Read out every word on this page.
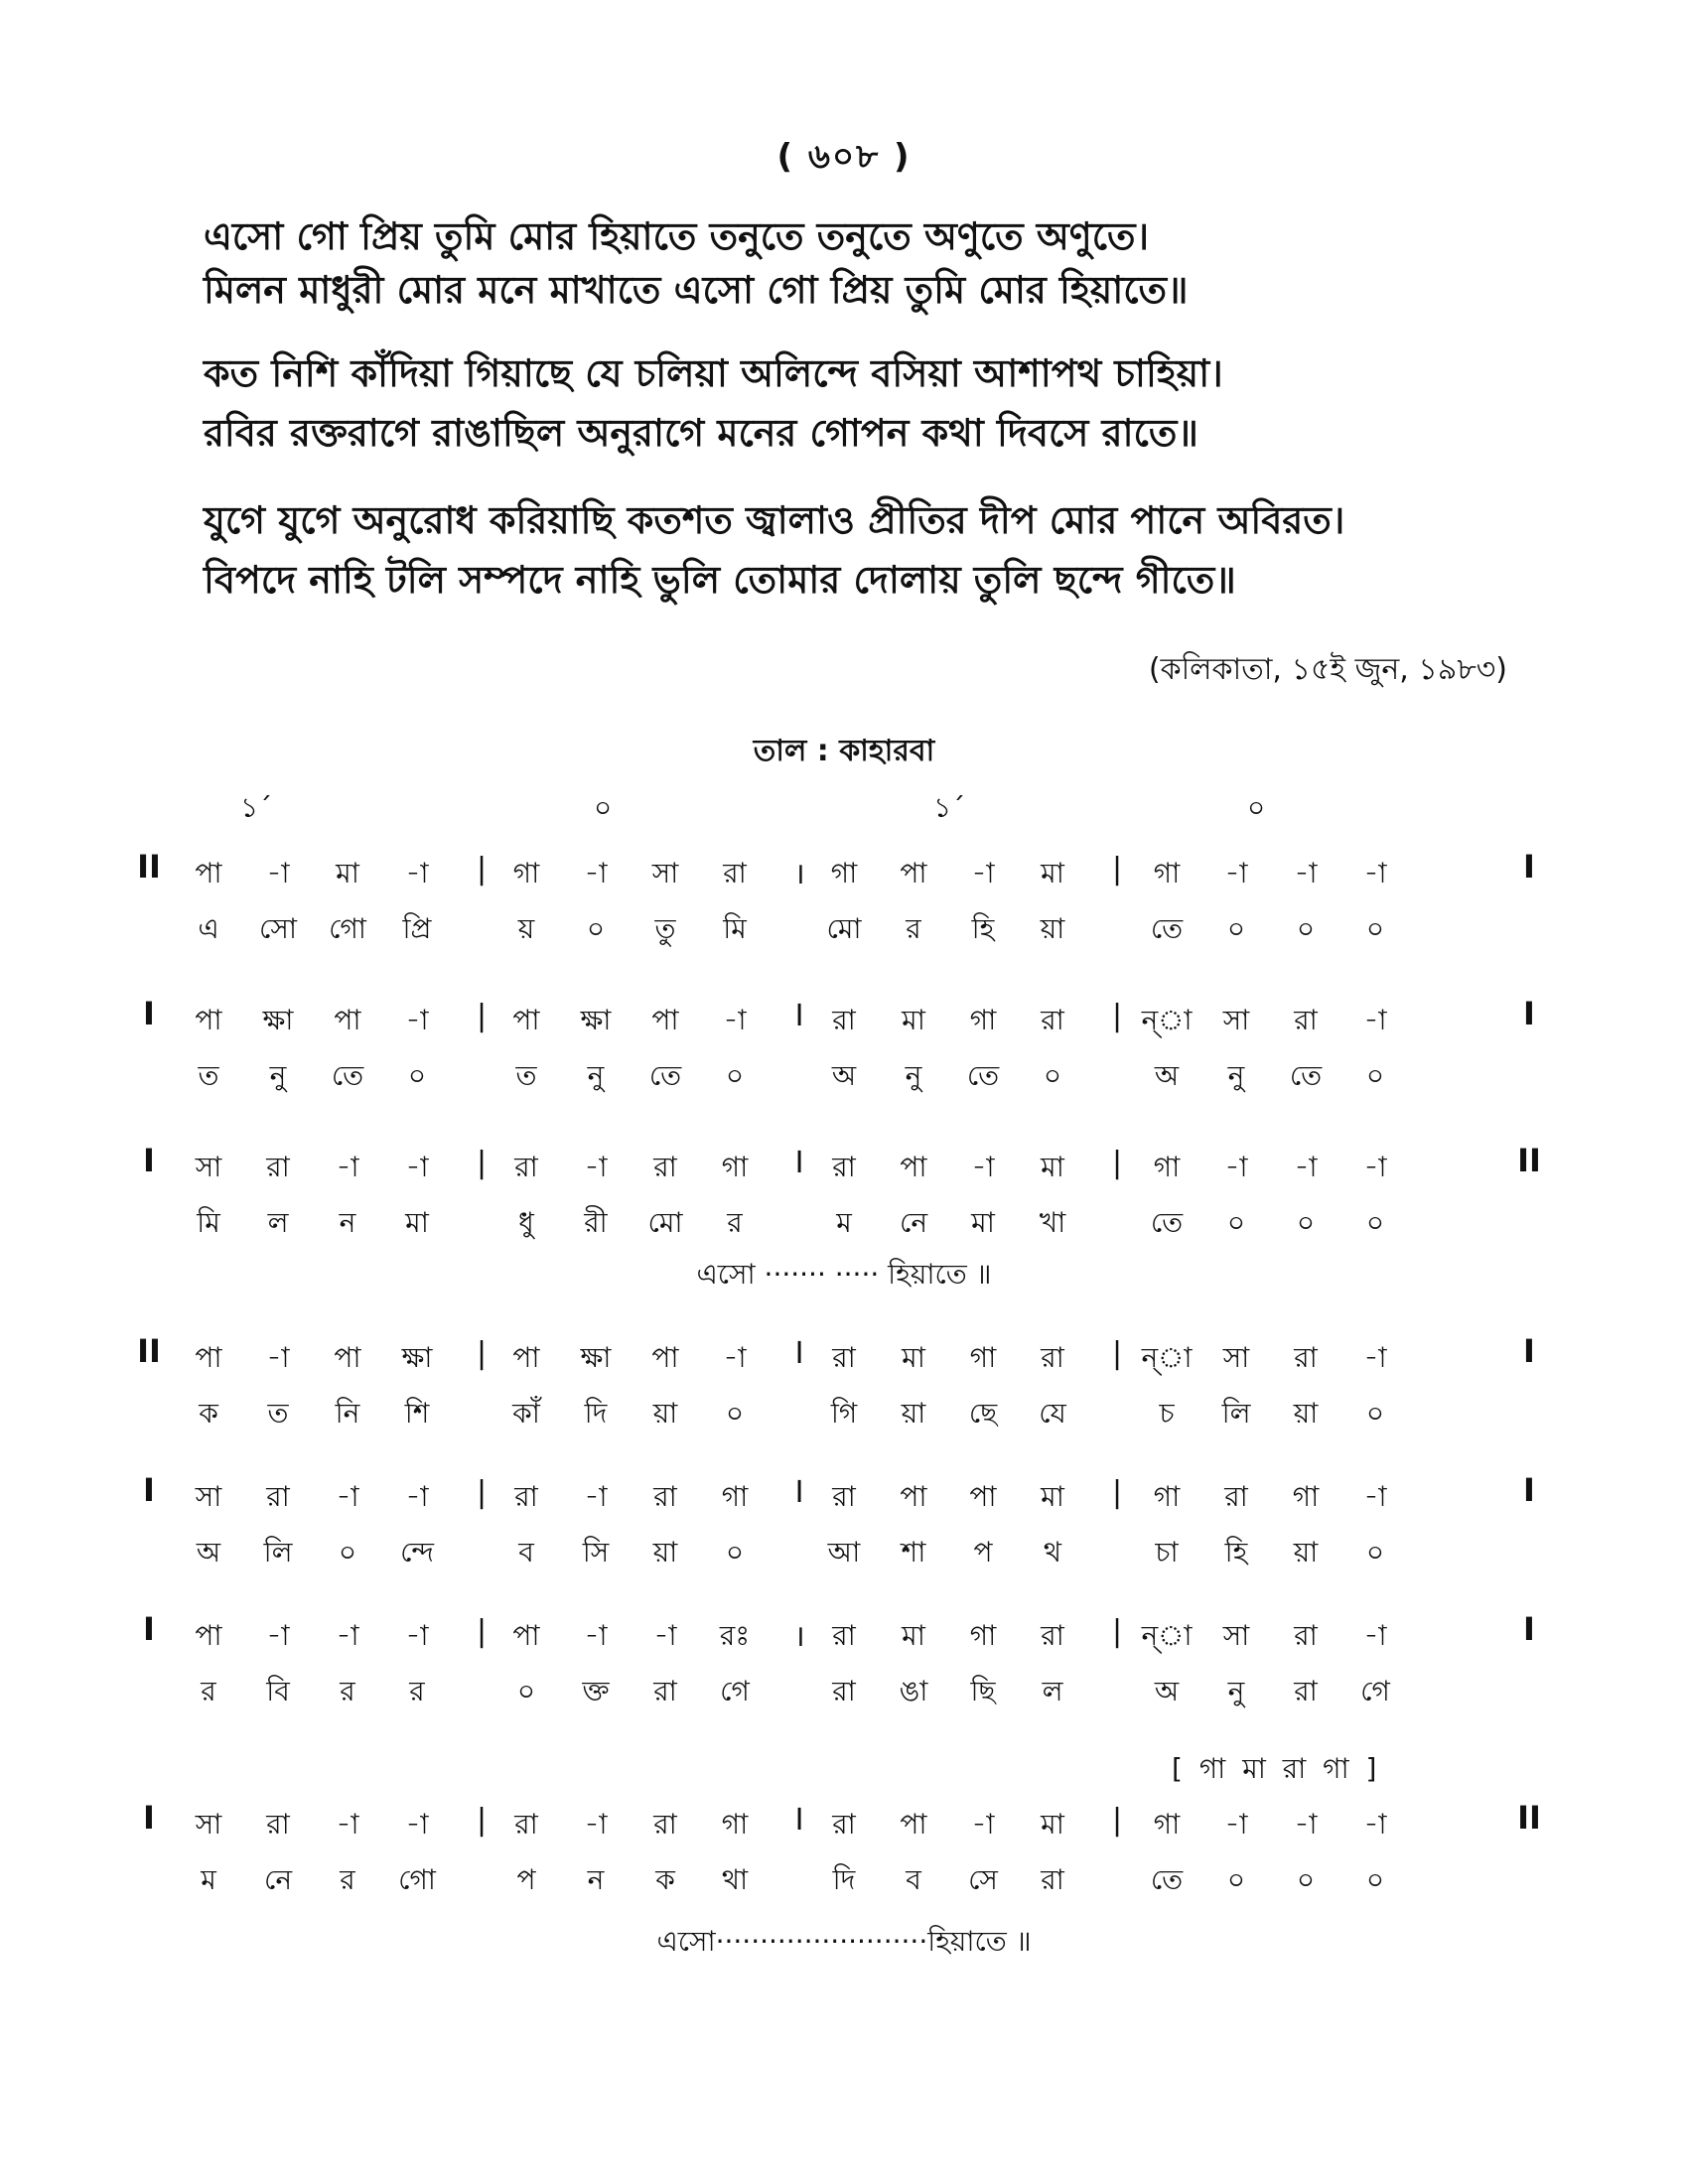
( ৬০৮ )
এসো গো প্রিয় তুমি মোর হিয়াতে তনুতে তনুতে অণুতে অণুতে।
মিলন মাধুরী মোর মনে মাখাতে এসো গো প্রিয় তুমি মোর হিয়াতে॥
কত নিশি কাঁদিয়া গিয়াছে যে চলিয়া অলিন্দে বসিয়া আশাপথ চাহিয়া।
রবির রক্তরাগে রাঙাছিল অনুরাগে মনের গোপন কথা দিবসে রাতে॥
যুগে যুগে অনুরোধ করিয়াছি কতশত জ্বালাও প্রীতির দীপ মোর পানে অবিরত।
বিপদে নাহি টলি সম্পদে নাহি ভুলি তোমার দোলায় তুলি ছন্দে গীতে॥
(কলিকাতা, ১৫ই জুন, ১৯৮৩)
তাল : কাহারবা
১´	০	১´	০
II	I
|	।	|
পা	-া	মা	-া	গা	-া	সা	রা	গা	পা	-া	মা	গা	-া	-া	-া
এ	সো	গো	প্রি	য়	০	তু	মি	মো	র	হি	য়া	তে	০	০	০
I	I
|	I	|
পা	ক্ষা	পা	-া	পা	ক্ষা	পা	-া	রা	মা	গা	রা	ন্‌া	সা	রা	-া
ত	নু	তে	০	ত	নু	তে	০	অ	নু	তে	০	অ	নু	তে	০
I	II
|	I	|
সা	রা	-া	-া	রা	-া	রা	গা	রা	পা	-া	মা	গা	-া	-া	-া
মি	ল	ন	মা	ধু	রী	মো	র	ম	নে	মা	খা	তে	০	০	০
এসো ······· ····· হিয়াতে ॥
II	I
|	I	|
পা	-া	পা	ক্ষা	পা	ক্ষা	পা	-া	রা	মা	গা	রা	ন্‌া	সা	রা	-া
ক	ত	নি	শি	কাঁ	দি	য়া	০	গি	য়া	ছে	যে	চ	লি	য়া	০
I	I
|	I	|
সা	রা	-া	-া	রা	-া	রা	গা	রা	পা	পা	মা	গা	রা	গা	-া
অ	লি	০	ন্দে	ব	সি	য়া	০	আ	শা	প	থ	চা	হি	য়া	০
I	I
|	।	|
পা	-া	-া	-া	পা	-া	-া	রঃ	রা	মা	গা	রা	ন্‌া	সা	রা	-া
র	বি	র	র	০	ক্ত	রা	গে	রা	ঙা	ছি	ল	অ	নু	রা	গে
[ গা মা রা গা ]
I	II
|	I	|
সা	রা	-া	-া	রা	-া	রা	গা	রা	পা	-া	মা	গা	-া	-া	-া
ম	নে	র	গো	প	ন	ক	থা	দি	ব	সে	রা	তে	০	০	০
এসো························হিয়াতে ॥
